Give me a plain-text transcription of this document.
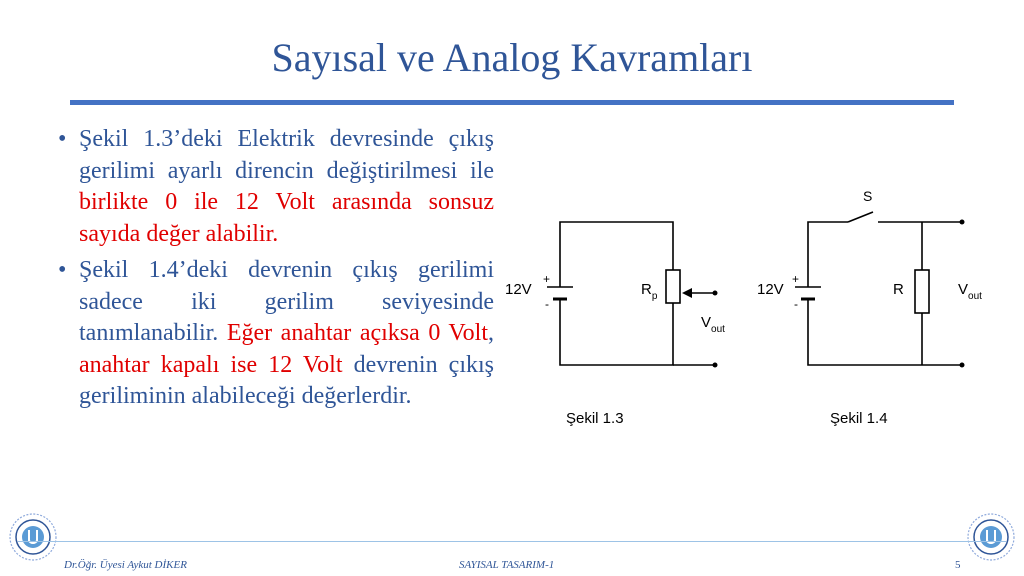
Sayısal ve Analog Kavramları
• Şekil 1.3’deki Elektrik devresinde çıkış gerilimi ayarlı direncin değiştirilmesi ile birlikte 0 ile 12 Volt arasında sonsuz sayıda değer alabilir.
• Şekil 1.4’deki devrenin çıkış gerilimi sadece iki gerilim seviyesinde tanımlanabilir. Eğer anahtar açıksa 0 Volt, anahtar kapalı ise 12 Volt devrenin çıkış geriliminin alabileceği değerlerdir.
12V
+
-
$R_p$
$V_{out}$
12V
+
-
S
R	$V_{out}$
Şekil 1.3	Şekil 1.4
Dr.Öğr. Üyesi Aykut DİKER	SAYISAL TASARIM-1	5
